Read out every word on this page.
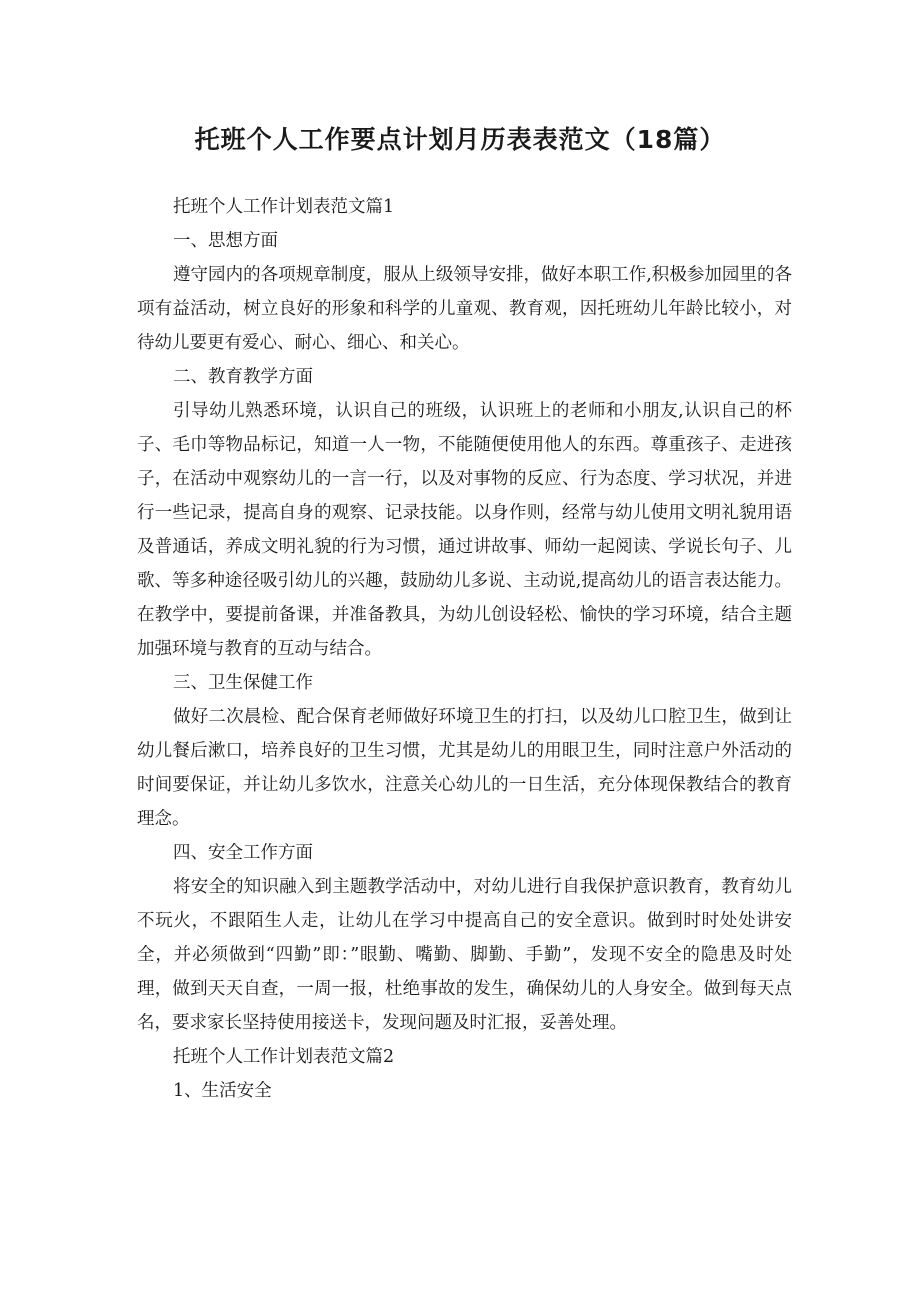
托班个人工作要点计划月历表表范文（18篇）

托班个人工作计划表范文篇1

一、思想方面

遵守园内的各项规章制度，服从上级领导安排，做好本职工作,积极参加园里的各项有益活动，树立良好的形象和科学的儿童观、教育观，因托班幼儿年龄比较小，对待幼儿要更有爱心、耐心、细心、和关心。

二、教育教学方面

引导幼儿熟悉环境，认识自己的班级，认识班上的老师和小朋友,认识自己的杯子、毛巾等物品标记，知道一人一物，不能随便使用他人的东西。尊重孩子、走进孩子，在活动中观察幼儿的一言一行，以及对事物的反应、行为态度、学习状况，并进行一些记录，提高自身的观察、记录技能。以身作则，经常与幼儿使用文明礼貌用语及普通话，养成文明礼貌的行为习惯，通过讲故事、师幼一起阅读、学说长句子、儿歌、等多种途径吸引幼儿的兴趣，鼓励幼儿多说、主动说,提高幼儿的语言表达能力。在教学中，要提前备课，并准备教具，为幼儿创设轻松、愉快的学习环境，结合主题加强环境与教育的互动与结合。

三、卫生保健工作

做好二次晨检、配合保育老师做好环境卫生的打扫，以及幼儿口腔卫生，做到让幼儿餐后漱口，培养良好的卫生习惯，尤其是幼儿的用眼卫生，同时注意户外活动的时间要保证，并让幼儿多饮水，注意关心幼儿的一日生活，充分体现保教结合的教育理念。

四、安全工作方面

将安全的知识融入到主题教学活动中，对幼儿进行自我保护意识教育，教育幼儿不玩火，不跟陌生人走，让幼儿在学习中提高自己的安全意识。做到时时处处讲安全，并必须做到“四勤”即：”眼勤、嘴勤、脚勤、手勤”，发现不安全的隐患及时处理，做到天天自查，一周一报，杜绝事故的发生，确保幼儿的人身安全。做到每天点名，要求家长坚持使用接送卡，发现问题及时汇报，妥善处理。

托班个人工作计划表范文篇2

1、生活安全
